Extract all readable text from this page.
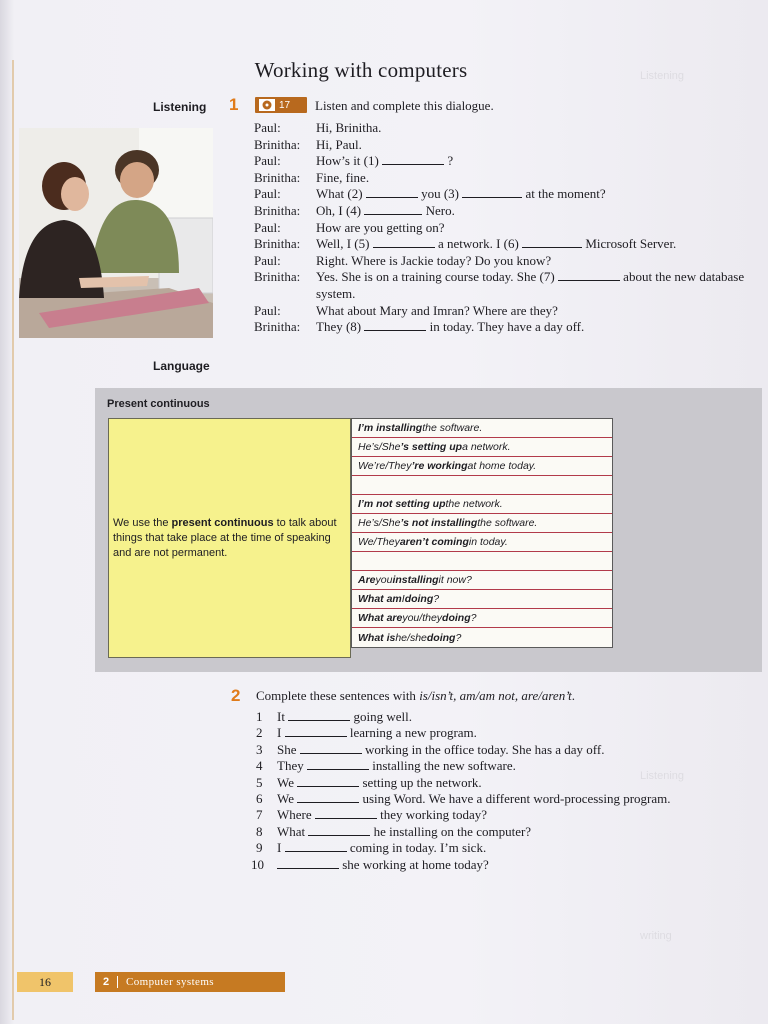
Listening
Listening
writing
Working with computers
Listening 1	17 Listen and complete this dialogue.
Paul:	Hi, Brinitha.
Brinitha:	Hi, Paul.
Paul:	How’s it (1)	?
Brinitha:	Fine, fine.
Paul:	What (2)	you (3)	at the moment?
Brinitha:	Oh, I (4)	Nero.
Paul:	How are you getting on?
Brinitha:	Well, I (5)	a network. I (6)	Microsoft Server.
Paul:	Right. Where is Jackie today? Do you know?
Brinitha:	Yes. She is on a training course today. She (7)	about the new database system.
Paul:	What about Mary and Imran? Where are they?
Brinitha:	They (8)	in today. They have a day off.
Language
Present continuous
We use the present continuous to talk about things that take place at the time of speaking and are not permanent.
I’m installing the software.
He’s/She ’s setting up a network.
We’re/They ’re working at home today.
I’m not setting up the network.
He’s/She ’s not installing the software.
We/They aren’t coming in today.
Are you installing it now?
What am I doing ?
What are you/they doing ?
What is he/she doing ?
2 Complete these sentences with is/isn’t, am/am not, are/aren’t.
1	It	going well.
2	I	learning a new program.
3	She	working in the office today. She has a day off.
4	They	installing the new software.
5	We	setting up the network.
6	We	using Word. We have a different word-processing program.
7	Where	they working today?
8	What	he installing on the computer?
9	I	coming in today. I’m sick.
10	she working at home today?
16	2	Computer systems
